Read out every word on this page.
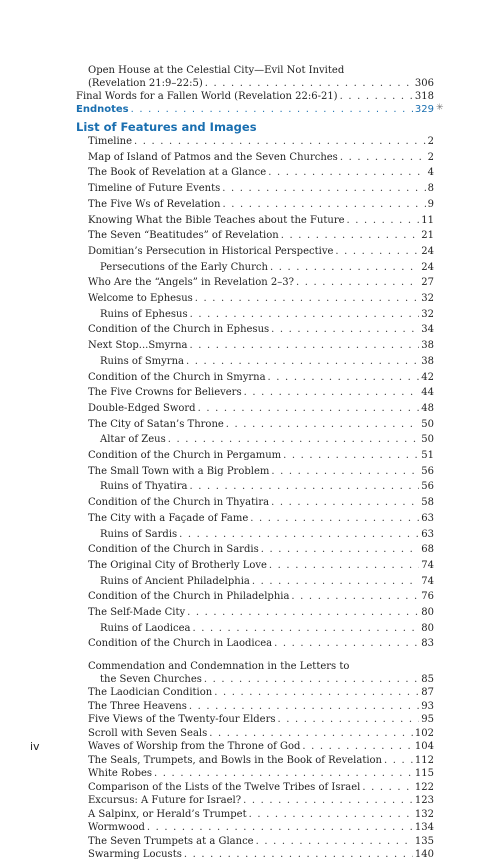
Open House at the Celestial City—Evil Not Invited
(Revelation 21:9–22:5) . . .	306
Final Words for a Fallen World (Revelation 22:6-21) . . .	318
Endnotes . . .	329 ✳
List of Features and Images
Timeline . . .	2
Map of Island of Patmos and the Seven Churches . . .	2
The Book of Revelation at a Glance . . .	4
Timeline of Future Events . . .	8
The Five Ws of Revelation . . .	9
Knowing What the Bible Teaches about the Future . . .	11
The Seven “Beatitudes” of Revelation . . .	21
Domitian’s Persecution in Historical Perspective . . .	24
Persecutions of the Early Church . . .	24
Who Are the “Angels” in Revelation 2–3? . . .	27
Welcome to Ephesus . . .	32
Ruins of Ephesus . . .	32
Condition of the Church in Ephesus . . .	34
Next Stop...Smyrna . . .	38
Ruins of Smyrna . . .	38
Condition of the Church in Smyrna . . .	42
The Five Crowns for Believers . . .	44
Double-Edged Sword . . .	48
The City of Satan’s Throne . . .	50
Altar of Zeus . . .	50
Condition of the Church in Pergamum . . .	51
The Small Town with a Big Problem . . .	56
Ruins of Thyatira . . .	56
Condition of the Church in Thyatira . . .	58
The City with a Façade of Fame . . .	63
Ruins of Sardis . . .	63
Condition of the Church in Sardis . . .	68
The Original City of Brotherly Love . . .	74
Ruins of Ancient Philadelphia . . .	74
Condition of the Church in Philadelphia . . .	76
The Self-Made City . . .	80
Ruins of Laodicea . . .	80
Condition of the Church in Laodicea . . .	83
Commendation and Condemnation in the Letters to
the Seven Churches . . .	85
The Laodician Condition . . .	87
The Three Heavens . . .	93
Five Views of the Twenty-four Elders . . .	95
Scroll with Seven Seals . . .	102
Waves of Worship from the Throne of God . . .	104
The Seals, Trumpets, and Bowls in the Book of Revelation . . .	112
White Robes . . .	115
Comparison of the Lists of the Twelve Tribes of Israel . . .	122
Excursus: A Future for Israel? . . .	123
A Salpinx, or Herald’s Trumpet . . .	132
Wormwood . . .	134
The Seven Trumpets at a Glance . . .	135
Swarming Locusts . . .	140
iv
